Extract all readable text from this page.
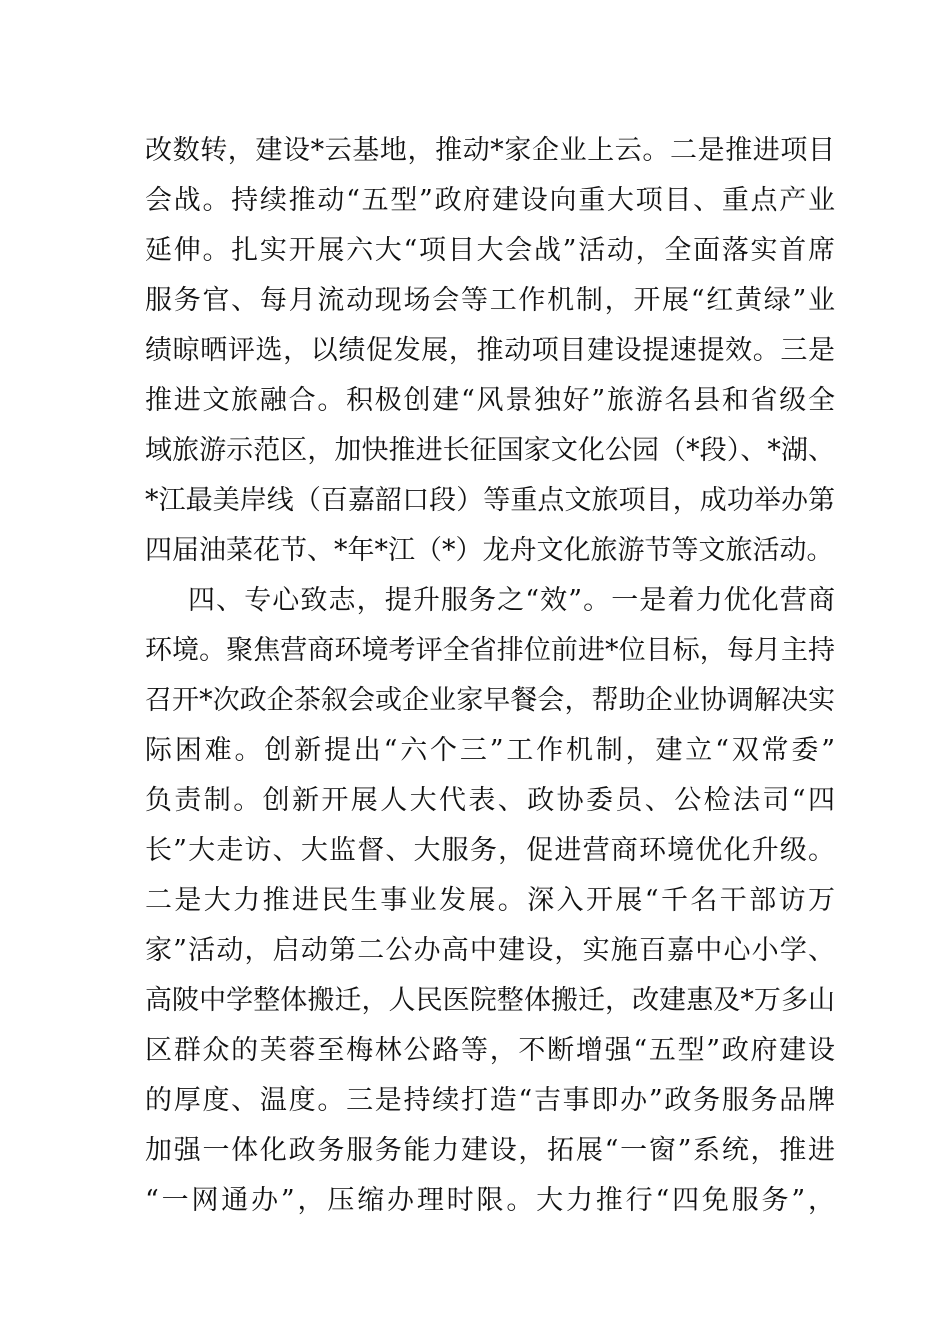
改数转，建设*云基地，推动*家企业上云。二是推进项目
会战。持续推动“五型”政府建设向重大项目、重点产业
延伸。扎实开展六大“项目大会战”活动，全面落实首席
服务官、每月流动现场会等工作机制，开展“红黄绿”业
绩晾晒评选，以绩促发展，推动项目建设提速提效。三是
推进文旅融合。积极创建“风景独好”旅游名县和省级全
域旅游示范区，加快推进长征国家文化公园（*段）、*湖、
*江最美岸线（百嘉韶口段）等重点文旅项目，成功举办第
四届油菜花节、*年*江（*）龙舟文化旅游节等文旅活动。
四、专心致志，提升服务之“效”。一是着力优化营商
环境。聚焦营商环境考评全省排位前进*位目标，每月主持
召开*次政企茶叙会或企业家早餐会，帮助企业协调解决实
际困难。创新提出“六个三”工作机制，建立“双常委”
负责制。创新开展人大代表、政协委员、公检法司“四
长”大走访、大监督、大服务，促进营商环境优化升级。
二是大力推进民生事业发展。深入开展“千名干部访万
家”活动，启动第二公办高中建设，实施百嘉中心小学、
高陂中学整体搬迁，人民医院整体搬迁，改建惠及*万多山
区群众的芙蓉至梅林公路等，不断增强“五型”政府建设
的厚度、温度。三是持续打造“吉事即办”政务服务品牌
加强一体化政务服务能力建设，拓展“一窗”系统，推进
“一网通办”，压缩办理时限。大力推行“四免服务”，
